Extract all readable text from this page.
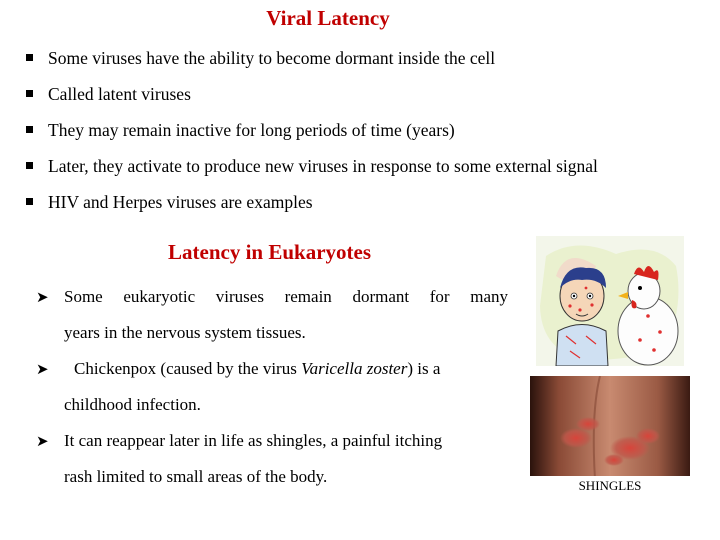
Viral Latency
Some viruses have the ability to become dormant inside the cell
Called latent viruses
They may remain inactive for long periods of time (years)
Later, they activate to produce new viruses in response to some external signal
HIV and Herpes viruses are examples
Latency in Eukaryotes
➤ Some eukaryotic viruses remain dormant for many
years in the nervous system tissues.
➤ Chickenpox (caused by the virus Varicella zoster) is a
childhood infection.
➤ It can reappear later in life as shingles, a painful itching
rash limited to small areas of the body.	SHINGLES
